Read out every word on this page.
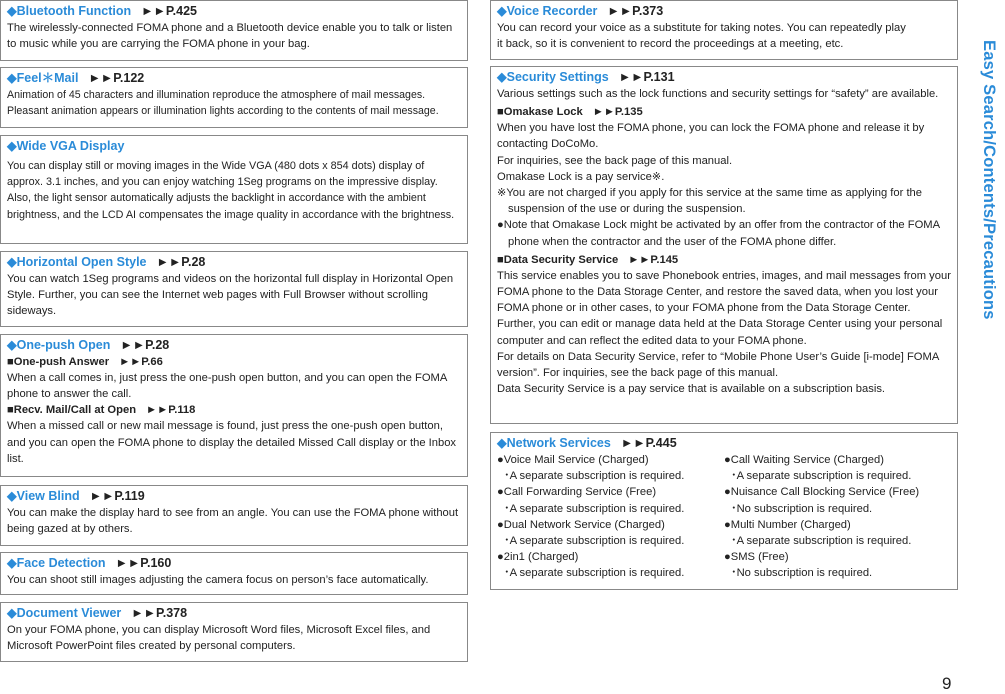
◆Bluetooth Function ►►P.425
The wirelessly-connected FOMA phone and a Bluetooth device enable you to talk or listen to music while you are carrying the FOMA phone in your bag.
◆Feel＊Mail ►►P.122
Animation of 45 characters and illumination reproduce the atmosphere of mail messages. Pleasant animation appears or illumination lights according to the contents of mail message.
◆Wide VGA Display
You can display still or moving images in the Wide VGA (480 dots x 854 dots) display of approx. 3.1 inches, and you can enjoy watching 1Seg programs on the impressive display. Also, the light sensor automatically adjusts the backlight in accordance with the ambient brightness, and the LCD AI compensates the image quality in accordance with the brightness.
◆Horizontal Open Style ►►P.28
You can watch 1Seg programs and videos on the horizontal full display in Horizontal Open Style. Further, you can see the Internet web pages with Full Browser without scrolling sideways.
◆One-push Open ►►P.28
■One-push Answer ►►P.66
When a call comes in, just press the one-push open button, and you can open the FOMA phone to answer the call.
■Recv. Mail/Call at Open ►►P.118
When a missed call or new mail message is found, just press the one-push open button, and you can open the FOMA phone to display the detailed Missed Call display or the Inbox list.
◆View Blind ►►P.119
You can make the display hard to see from an angle. You can use the FOMA phone without being gazed at by others.
◆Face Detection ►►P.160
You can shoot still images adjusting the camera focus on person’s face automatically.
◆Document Viewer ►►P.378
On your FOMA phone, you can display Microsoft Word files, Microsoft Excel files, and Microsoft PowerPoint files created by personal computers.
◆Voice Recorder ►►P.373
You can record your voice as a substitute for taking notes. You can repeatedly play it back, so it is convenient to record the proceedings at a meeting, etc.
◆Security Settings ►►P.131
Various settings such as the lock functions and security settings for “safety” are available.
■Omakase Lock ►►P.135
When you have lost the FOMA phone, you can lock the FOMA phone and release it by contacting DoCoMo.
For inquiries, see the back page of this manual.
Omakase Lock is a pay service※.
※You are not charged if you apply for this service at the same time as applying for the suspension of the use or during the suspension.
●Note that Omakase Lock might be activated by an offer from the contractor of the FOMA phone when the contractor and the user of the FOMA phone differ.
■Data Security Service ►►P.145
This service enables you to save Phonebook entries, images, and mail messages from your FOMA phone to the Data Storage Center, and restore the saved data, when you lost your FOMA phone or in other cases, to your FOMA phone from the Data Storage Center. Further, you can edit or manage data held at the Data Storage Center using your personal computer and can reflect the edited data to your FOMA phone.
For details on Data Security Service, refer to “Mobile Phone User’s Guide [i-mode] FOMA version”. For inquiries, see the back page of this manual.
Data Security Service is a pay service that is available on a subscription basis.
◆Network Services ►►P.445
●Voice Mail Service (Charged)
･A separate subscription is required.
●Call Forwarding Service (Free)
･A separate subscription is required.
●Dual Network Service (Charged)
･A separate subscription is required.
●2in1 (Charged)
･A separate subscription is required.
●Call Waiting Service (Charged)
･A separate subscription is required.
●Nuisance Call Blocking Service (Free)
･No subscription is required.
●Multi Number (Charged)
･A separate subscription is required.
●SMS (Free)
･No subscription is required.
Easy Search/Contents/Precautions
9
